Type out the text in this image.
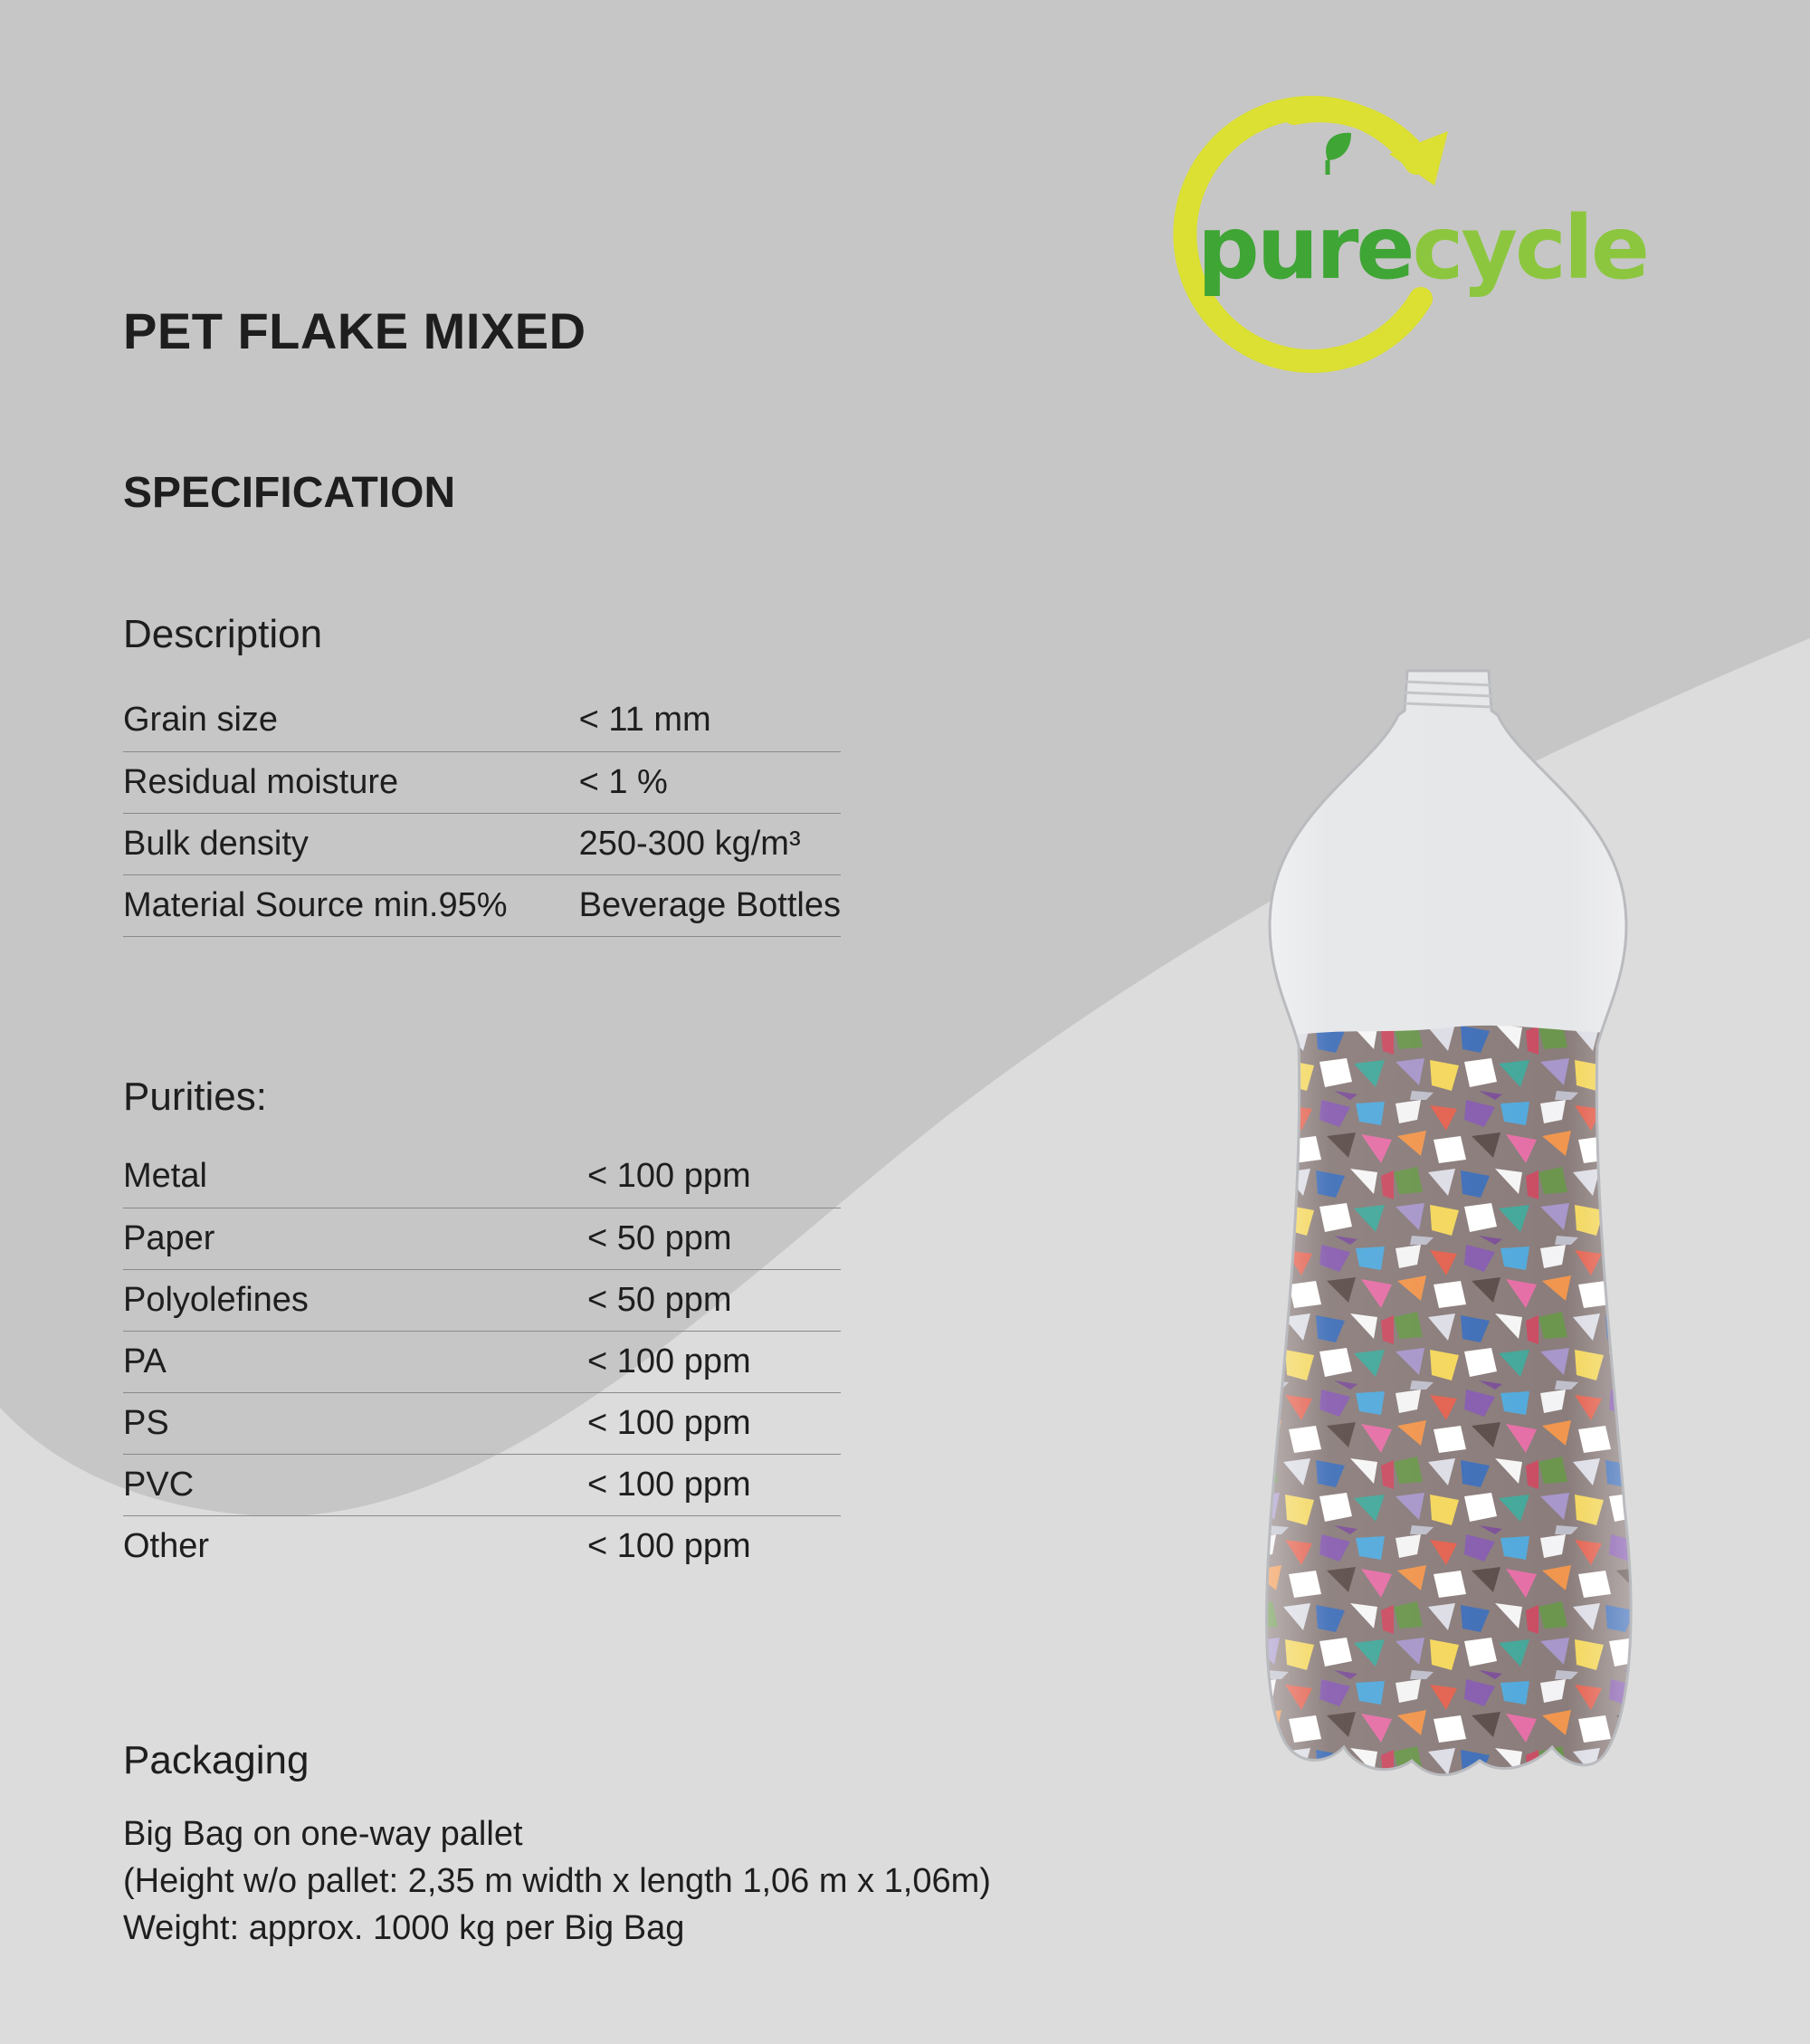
purecycle
PET FLAKE MIXED
SPECIFICATION
Description
Grain size	< 11 mm
Residual moisture	< 1 %
Bulk density	250-300 kg/m³
Material Source min.95%	Beverage Bottles
Purities:
Metal	< 100 ppm
Paper	< 50 ppm
Polyolefines	< 50 ppm
PA	< 100 ppm
PS	< 100 ppm
PVC	< 100 ppm
Other	< 100 ppm
Packaging
Big Bag on one-way pallet
(Height w/o pallet: 2,35 m width x length 1,06 m x 1,06m)
Weight: approx. 1000 kg per Big Bag
